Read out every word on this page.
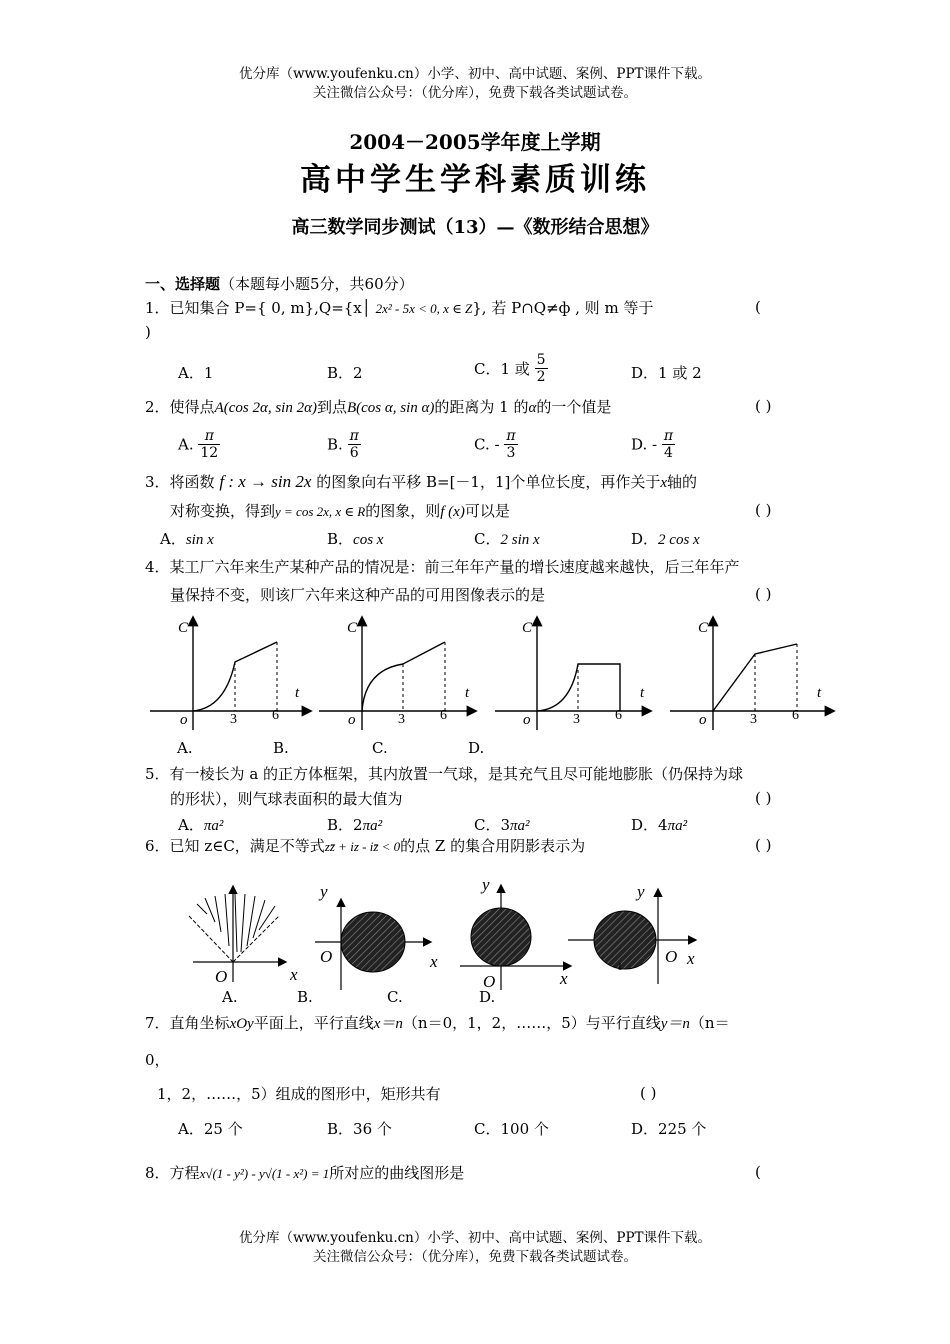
优分库（www.youfenku.cn）小学、初中、高中试题、案例、PPT课件下载。
关注微信公众号：（优分库），免费下载各类试题试卷。
2004－2005学年度上学期
高中学生学科素质训练
高三数学同步测试（13）—《数形结合思想》
一、选择题（本题每小题5分，共60分）
1．已知集合 P={ 0, m},Q={x│ 2x² - 5x < 0, x ∈ Z}, 若 P∩Q≠ф , 则 m 等于	(
)
A．1	B．2	C．1 或 $\frac{5}{2}$	D．1 或 2
2．使得点A(cos 2α, sin 2α)到点B(cos α, sin α)的距离为 1 的α的一个值是	( )
A. $\frac{\pi}{12}$	B. $\frac{\pi}{6}$	C. - $\frac{\pi}{3}$	D. - $\frac{\pi}{4}$
3．将函数 f : x → sin 2x 的图象向右平移 B=[－1，1]个单位长度，再作关于x轴的
对称变换，得到y = cos 2x, x ∈ R的图象，则f (x)可以是	( )
A．sin x	B．cos x	C．2 sin x	D．2 cos x
4．某工厂六年来生产某种产品的情况是：前三年年产量的增长速度越来越快，后三年年产
量保持不变，则该厂六年来这种产品的可用图像表示的是	( )
C
t
o	3	6
C
t
o	3	6
C
t
o	3	6
C
t
o	3	6
A.	B.	C.	D.
5．有一棱长为 a 的正方体框架，其内放置一气球，是其充气且尽可能地膨胀（仍保持为球
的形状），则气球表面积的最大值为	( )
A．πa²	B．2πa²	C．3πa²	D．4πa²
6．已知 z∈C，满足不等式zz̄ + iz - iz̄ < 0的点 Z 的集合用阴影表示为	( )
O	x
y
O	x
y
O	x
y
O x
1
A.	B.	C.	D.
7．直角坐标xOy平面上，平行直线x＝n（n＝0，1，2，……，5）与平行直线y＝n（n＝
0，
1，2，……，5）组成的图形中，矩形共有	( )
A．25 个	B．36 个	C．100 个	D．225 个
8．方程x√(1 - y²) - y√(1 - x²) = 1所对应的曲线图形是	(
优分库（www.youfenku.cn）小学、初中、高中试题、案例、PPT课件下载。
关注微信公众号：（优分库），免费下载各类试题试卷。
